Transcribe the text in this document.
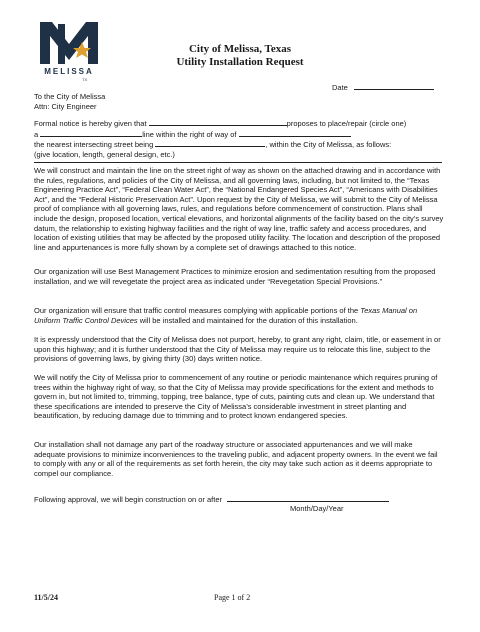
MELISSA
TX
City of Melissa, Texas
Utility Installation Request
Date
To the City of Melissa
Attn: City Engineer
Formal notice is hereby given that	proposes to place/repair (circle one)
a	line within the right of way of
the nearest intersecting street being	, within the City of Melissa, as follows:
(give location, length, general design, etc.)
We will construct and maintain the line on the street right of way as shown on the attached drawing and in accordance with the rules, regulations, and policies of the City of Melissa, and all governing laws, including, but not limited to, the “Texas Engineering Practice Act”, “Federal Clean Water Act”, the “National Endangered Species Act”, “Americans with Disabilities Act”, and the “Federal Historic Preservation Act”. Upon request by the City of Melissa, we will submit to the City of Melissa proof of compliance with all governing laws, rules, and regulations before commencement of construction. Plans shall include the design, proposed location, vertical elevations, and horizontal alignments of the facility based on the city’s survey datum, the relationship to existing highway facilities and the right of way line, traffic safety and access procedures, and location of existing utilities that may be affected by the proposed utility facility. The location and description of the proposed line and appurtenances is more fully shown by a complete set of drawings attached to this notice.
Our organization will use Best Management Practices to minimize erosion and sedimentation resulting from the proposed installation, and we will revegetate the project area as indicated under “Revegetation Special Provisions.”
Our organization will ensure that traffic control measures complying with applicable portions of the Texas Manual on Uniform Traffic Control Devices will be installed and maintained for the duration of this installation.
It is expressly understood that the City of Melissa does not purport, hereby, to grant any right, claim, title, or easement in or upon this highway; and it is further understood that the City of Melissa may require us to relocate this line, subject to the provisions of governing laws, by giving thirty (30) days written notice.
We will notify the City of Melissa prior to commencement of any routine or periodic maintenance which requires pruning of trees within the highway right of way, so that the City of Melissa may provide specifications for the extent and methods to govern in, but not limited to, trimming, topping, tree balance, type of cuts, painting cuts and clean up. We understand that these specifications are intended to preserve the City of Melissa’s considerable investment in street planting and beautification, by reducing damage due to trimming and to protect known endangered species.
Our installation shall not damage any part of the roadway structure or associated appurtenances and we will make adequate provisions to minimize inconveniences to the traveling public, and adjacent property owners. In the event we fail to comply with any or all of the requirements as set forth herein, the city may take such action as it deems appropriate to compel our compliance.
Following approval, we will begin construction on or after
Month/Day/Year
11/5/24	Page 1 of 2
